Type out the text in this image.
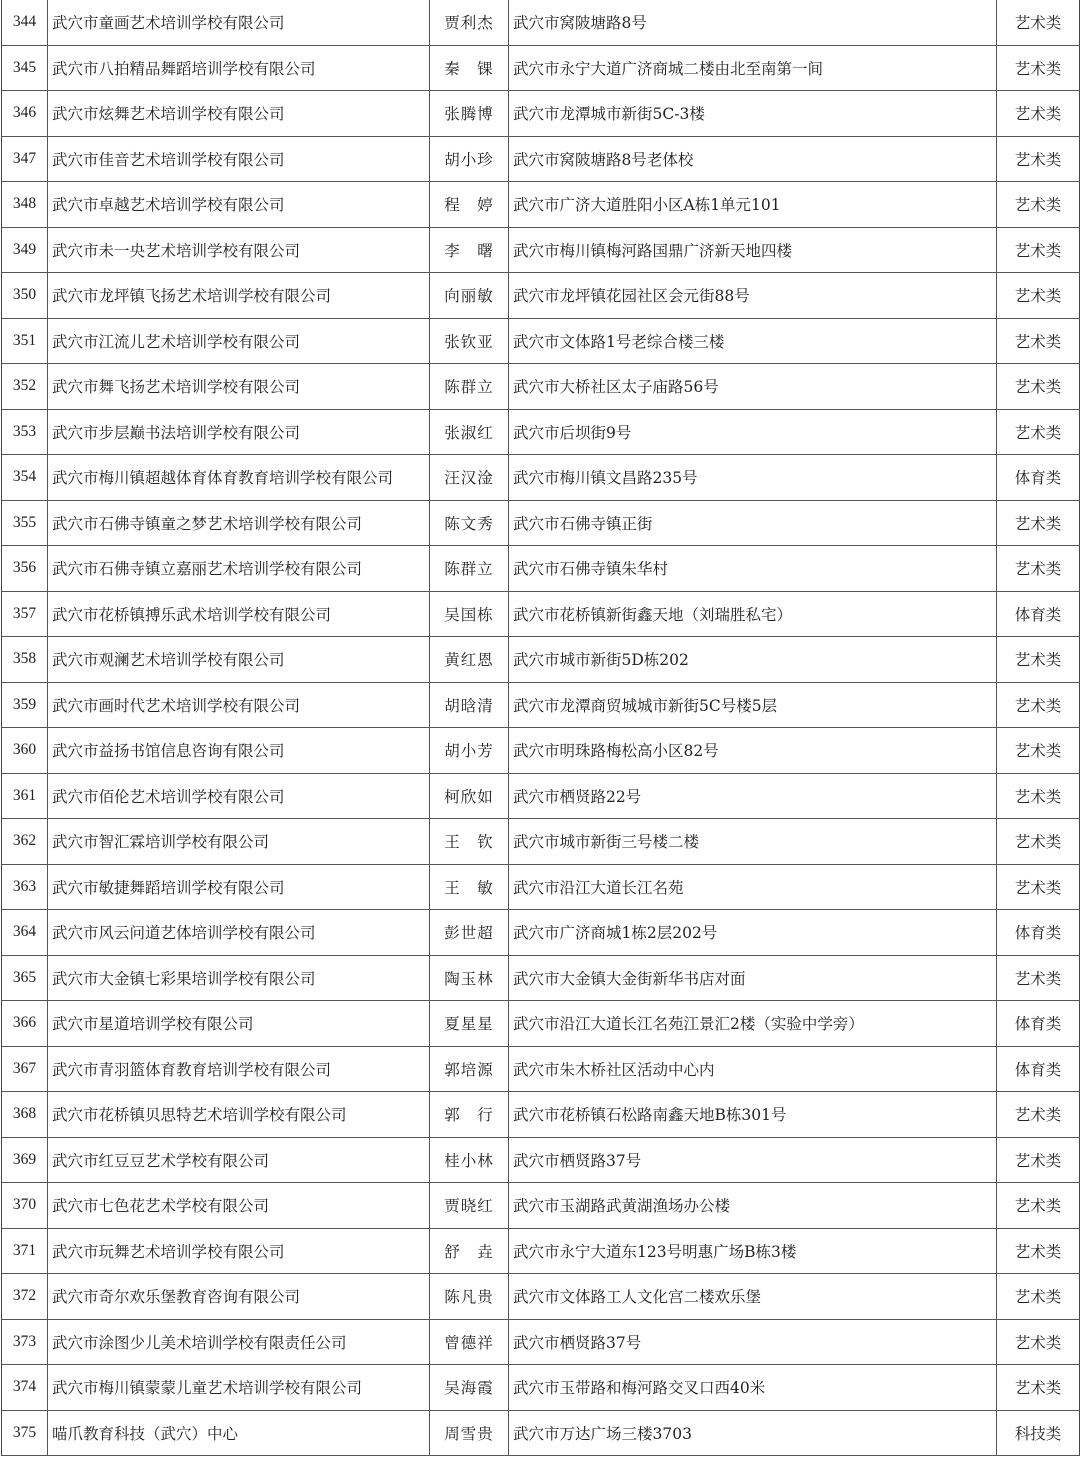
344	武穴市童画艺术培训学校有限公司	贾利杰	武穴市窝陂塘路8号	艺术类
345	武穴市八拍精品舞蹈培训学校有限公司	秦　锞	武穴市永宁大道广济商城二楼由北至南第一间	艺术类
346	武穴市炫舞艺术培训学校有限公司	张腾博	武穴市龙潭城市新街5C-3楼	艺术类
347	武穴市佳音艺术培训学校有限公司	胡小珍	武穴市窝陂塘路8号老体校	艺术类
348	武穴市卓越艺术培训学校有限公司	程　婷	武穴市广济大道胜阳小区A栋1单元101	艺术类
349	武穴市未一央艺术培训学校有限公司	李　曙	武穴市梅川镇梅河路国鼎广济新天地四楼	艺术类
350	武穴市龙坪镇飞扬艺术培训学校有限公司	向丽敏	武穴市龙坪镇花园社区会元街88号	艺术类
351	武穴市江流儿艺术培训学校有限公司	张钦亚	武穴市文体路1号老综合楼三楼	艺术类
352	武穴市舞飞扬艺术培训学校有限公司	陈群立	武穴市大桥社区太子庙路56号	艺术类
353	武穴市步层巅书法培训学校有限公司	张淑红	武穴市后坝街9号	艺术类
354	武穴市梅川镇超越体育体育教育培训学校有限公司	汪汉淦	武穴市梅川镇文昌路235号	体育类
355	武穴市石佛寺镇童之梦艺术培训学校有限公司	陈文秀	武穴市石佛寺镇正街	艺术类
356	武穴市石佛寺镇立嘉丽艺术培训学校有限公司	陈群立	武穴市石佛寺镇朱华村	艺术类
357	武穴市花桥镇搏乐武术培训学校有限公司	吴国栋	武穴市花桥镇新街鑫天地（刘瑞胜私宅）	体育类
358	武穴市观澜艺术培训学校有限公司	黄红恩	武穴市城市新街5D栋202	艺术类
359	武穴市画时代艺术培训学校有限公司	胡晗清	武穴市龙潭商贸城城市新街5C号楼5层	艺术类
360	武穴市益扬书馆信息咨询有限公司	胡小芳	武穴市明珠路梅松高小区82号	艺术类
361	武穴市佰伦艺术培训学校有限公司	柯欣如	武穴市栖贤路22号	艺术类
362	武穴市智汇霖培训学校有限公司	王　钦	武穴市城市新街三号楼二楼	艺术类
363	武穴市敏捷舞蹈培训学校有限公司	王　敏	武穴市沿江大道长江名苑	艺术类
364	武穴市风云问道艺体培训学校有限公司	彭世超	武穴市广济商城1栋2层202号	体育类
365	武穴市大金镇七彩果培训学校有限公司	陶玉林	武穴市大金镇大金街新华书店对面	艺术类
366	武穴市星道培训学校有限公司	夏星星	武穴市沿江大道长江名苑江景汇2楼（实验中学旁）	体育类
367	武穴市青羽篮体育教育培训学校有限公司	郭培源	武穴市朱木桥社区活动中心内	体育类
368	武穴市花桥镇贝思特艺术培训学校有限公司	郭　行	武穴市花桥镇石松路南鑫天地B栋301号	艺术类
369	武穴市红豆豆艺术学校有限公司	桂小林	武穴市栖贤路37号	艺术类
370	武穴市七色花艺术学校有限公司	贾晓红	武穴市玉湖路武黄湖渔场办公楼	艺术类
371	武穴市玩舞艺术培训学校有限公司	舒　垚	武穴市永宁大道东123号明惠广场B栋3楼	艺术类
372	武穴市奇尔欢乐堡教育咨询有限公司	陈凡贵	武穴市文体路工人文化宫二楼欢乐堡	艺术类
373	武穴市涂图少儿美术培训学校有限责任公司	曾德祥	武穴市栖贤路37号	艺术类
374	武穴市梅川镇蒙蒙儿童艺术培训学校有限公司	吴海霞	武穴市玉带路和梅河路交叉口西40米	艺术类
375	喵爪教育科技（武穴）中心	周雪贵	武穴市万达广场三楼3703	科技类
